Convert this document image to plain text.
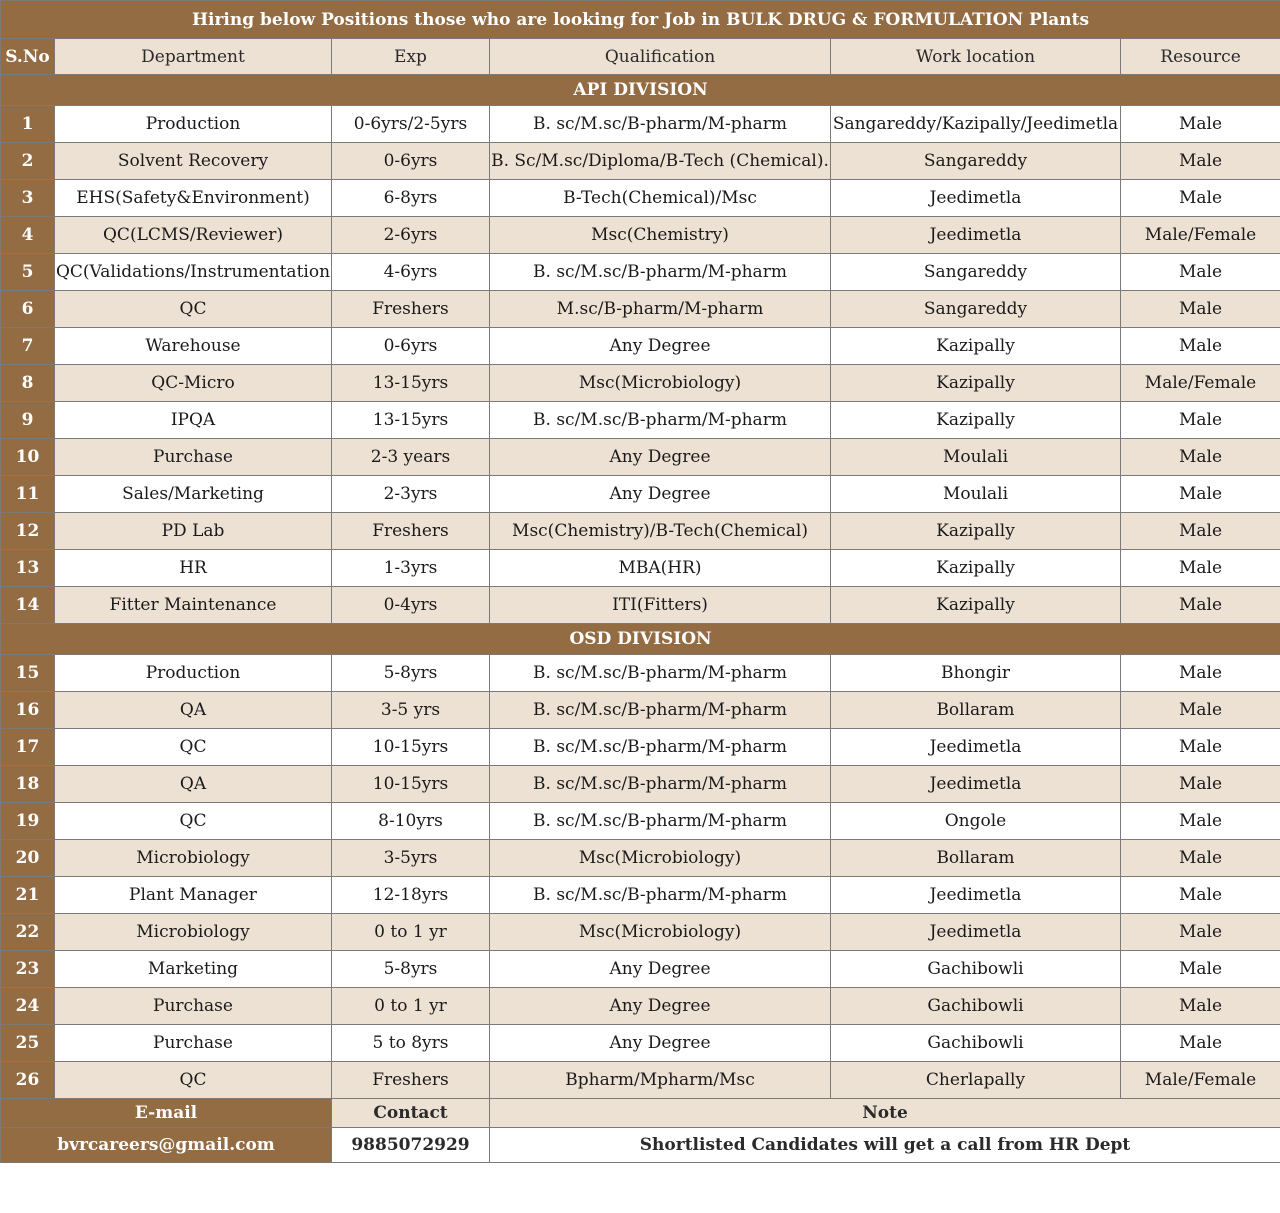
Hiring below Positions those who are looking for Job in BULK DRUG & FORMULATION Plants					
S.No	Department	Exp	Qualification	Work location	Resource
API DIVISION					
1	Production	0-6yrs/2-5yrs	B. sc/M.sc/B-pharm/M-pharm	Sangareddy/Kazipally/Jeedimetla	Male
2	Solvent Recovery	0-6yrs	B. Sc/M.sc/Diploma/B-Tech (Chemical).	Sangareddy	Male
3	EHS(Safety&Environment)	6-8yrs	B-Tech(Chemical)/Msc	Jeedimetla	Male
4	QC(LCMS/Reviewer)	2-6yrs	Msc(Chemistry)	Jeedimetla	Male/Female
5	QC(Validations/Instrumentation	4-6yrs	B. sc/M.sc/B-pharm/M-pharm	Sangareddy	Male
6	QC	Freshers	M.sc/B-pharm/M-pharm	Sangareddy	Male
7	Warehouse	0-6yrs	Any Degree	Kazipally	Male
8	QC-Micro	13-15yrs	Msc(Microbiology)	Kazipally	Male/Female
9	IPQA	13-15yrs	B. sc/M.sc/B-pharm/M-pharm	Kazipally	Male
10	Purchase	2-3 years	Any Degree	Moulali	Male
11	Sales/Marketing	2-3yrs	Any Degree	Moulali	Male
12	PD Lab	Freshers	Msc(Chemistry)/B-Tech(Chemical)	Kazipally	Male
13	HR	1-3yrs	MBA(HR)	Kazipally	Male
14	Fitter Maintenance	0-4yrs	ITI(Fitters)	Kazipally	Male
OSD DIVISION					
15	Production	5-8yrs	B. sc/M.sc/B-pharm/M-pharm	Bhongir	Male
16	QA	3-5 yrs	B. sc/M.sc/B-pharm/M-pharm	Bollaram	Male
17	QC	10-15yrs	B. sc/M.sc/B-pharm/M-pharm	Jeedimetla	Male
18	QA	10-15yrs	B. sc/M.sc/B-pharm/M-pharm	Jeedimetla	Male
19	QC	8-10yrs	B. sc/M.sc/B-pharm/M-pharm	Ongole	Male
20	Microbiology	3-5yrs	Msc(Microbiology)	Bollaram	Male
21	Plant Manager	12-18yrs	B. sc/M.sc/B-pharm/M-pharm	Jeedimetla	Male
22	Microbiology	0 to 1 yr	Msc(Microbiology)	Jeedimetla	Male
23	Marketing	5-8yrs	Any Degree	Gachibowli	Male
24	Purchase	0 to 1 yr	Any Degree	Gachibowli	Male
25	Purchase	5 to 8yrs	Any Degree	Gachibowli	Male
26	QC	Freshers	Bpharm/Mpharm/Msc	Cherlapally	Male/Female
E-mail		Contact	Note		
bvrcareers@gmail.com		9885072929	Shortlisted Candidates will get a call from HR Dept		
